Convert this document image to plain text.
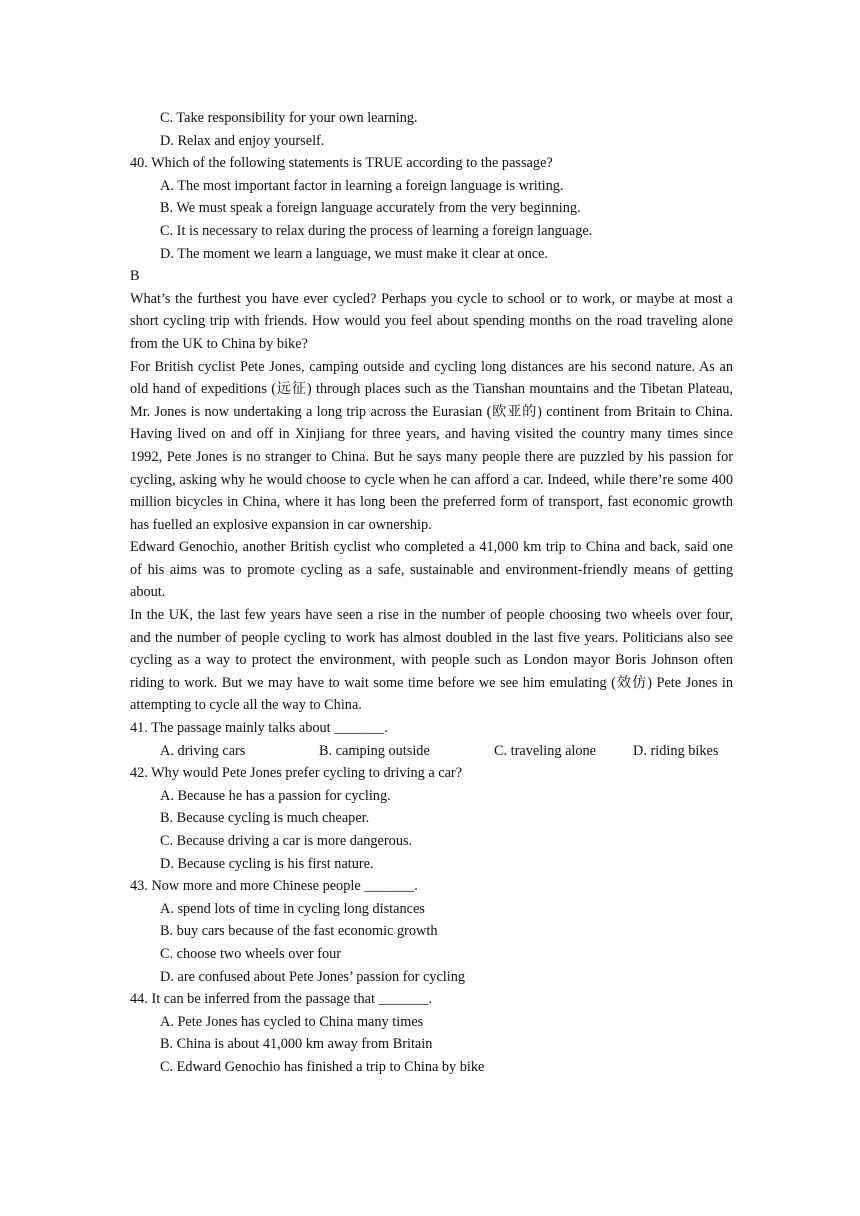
C. Take responsibility for your own learning.
D. Relax and enjoy yourself.
40. Which of the following statements is TRUE according to the passage?
A. The most important factor in learning a foreign language is writing.
B. We must speak a foreign language accurately from the very beginning.
C. It is necessary to relax during the process of learning a foreign language.
D. The moment we learn a language, we must make it clear at once.
B
What’s the furthest you have ever cycled? Perhaps you cycle to school or to work, or maybe at most a short cycling trip with friends. How would you feel about spending months on the road traveling alone from the UK to China by bike?
For British cyclist Pete Jones, camping outside and cycling long distances are his second nature. As an old hand of expeditions (远征) through places such as the Tianshan mountains and the Tibetan Plateau, Mr. Jones is now undertaking a long trip across the Eurasian (欧亚的) continent from Britain to China. Having lived on and off in Xinjiang for three years, and having visited the country many times since 1992, Pete Jones is no stranger to China. But he says many people there are puzzled by his passion for cycling, asking why he would choose to cycle when he can afford a car. Indeed, while there’re some 400 million bicycles in China, where it has long been the preferred form of transport, fast economic growth has fuelled an explosive expansion in car ownership.
Edward Genochio, another British cyclist who completed a 41,000 km trip to China and back, said one of his aims was to promote cycling as a safe, sustainable and environment-friendly means of getting about.
In the UK, the last few years have seen a rise in the number of people choosing two wheels over four, and the number of people cycling to work has almost doubled in the last five years. Politicians also see cycling as a way to protect the environment, with people such as London mayor Boris Johnson often riding to work. But we may have to wait some time before we see him emulating (效仿) Pete Jones in attempting to cycle all the way to China.
41. The passage mainly talks about _______.
A. driving cars	B. camping outside	C. traveling alone	D. riding bikes
42. Why would Pete Jones prefer cycling to driving a car?
A. Because he has a passion for cycling.
B. Because cycling is much cheaper.
C. Because driving a car is more dangerous.
D. Because cycling is his first nature.
43. Now more and more Chinese people _______.
A. spend lots of time in cycling long distances
B. buy cars because of the fast economic growth
C. choose two wheels over four
D. are confused about Pete Jones’ passion for cycling
44. It can be inferred from the passage that _______.
A. Pete Jones has cycled to China many times
B. China is about 41,000 km away from Britain
C. Edward Genochio has finished a trip to China by bike
